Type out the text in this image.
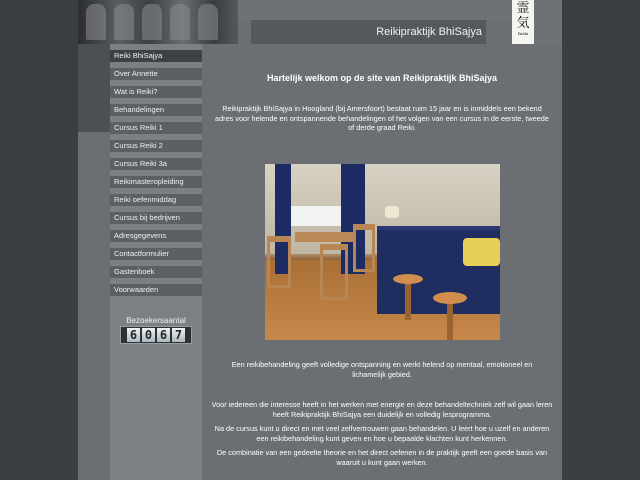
Reikipraktijk BhiSajya
霊
気
Reiki
Reiki BhiSajya
Over Annette
Wat is Reiki?
Behandelingen
Cursus Reiki 1
Cursus Reiki 2
Cursus Reiki 3a
Reikimasteropleiding
Reiki oefenmiddag
Cursus bij bedrijven
Adresgegevens
Contactformulier
Gastenboek
Voorwaarden
Bezoekersaantal
6 0 6 7
Hartelijk welkom op de site van Reikipraktijk BhiSajya

Reikipraktijk BhiSajya in Hoogland (bij Amersfoort) bestaat ruim 15 jaar en is inmiddels een bekend adres voor helende en ontspannende behandelingen of het volgen van een cursus in de eerste, tweede of derde graad Reiki.

Een reikibehandeling geeft volledige ontspanning en werkt helend op mentaal, emotioneel en lichamelijk gebied.

Voor iedereen die interesse heeft in het werken met energie en deze behandeltechniek zelf wil gaan leren heeft Reikipraktijk BhiSajya een duidelijk en volledig lesprogramma.

Na de cursus kunt u direct en met veel zelfvertrouwen gaan behandelen. U leert hoe u uzelf en anderen een reikibehandeling kunt geven en hoe u bepaalde klachten kunt herkennen.

De combinatie van een gedeelte theorie en het direct oefenen in de praktijk geeft een goede basis van waaruit u kunt gaan werken.
